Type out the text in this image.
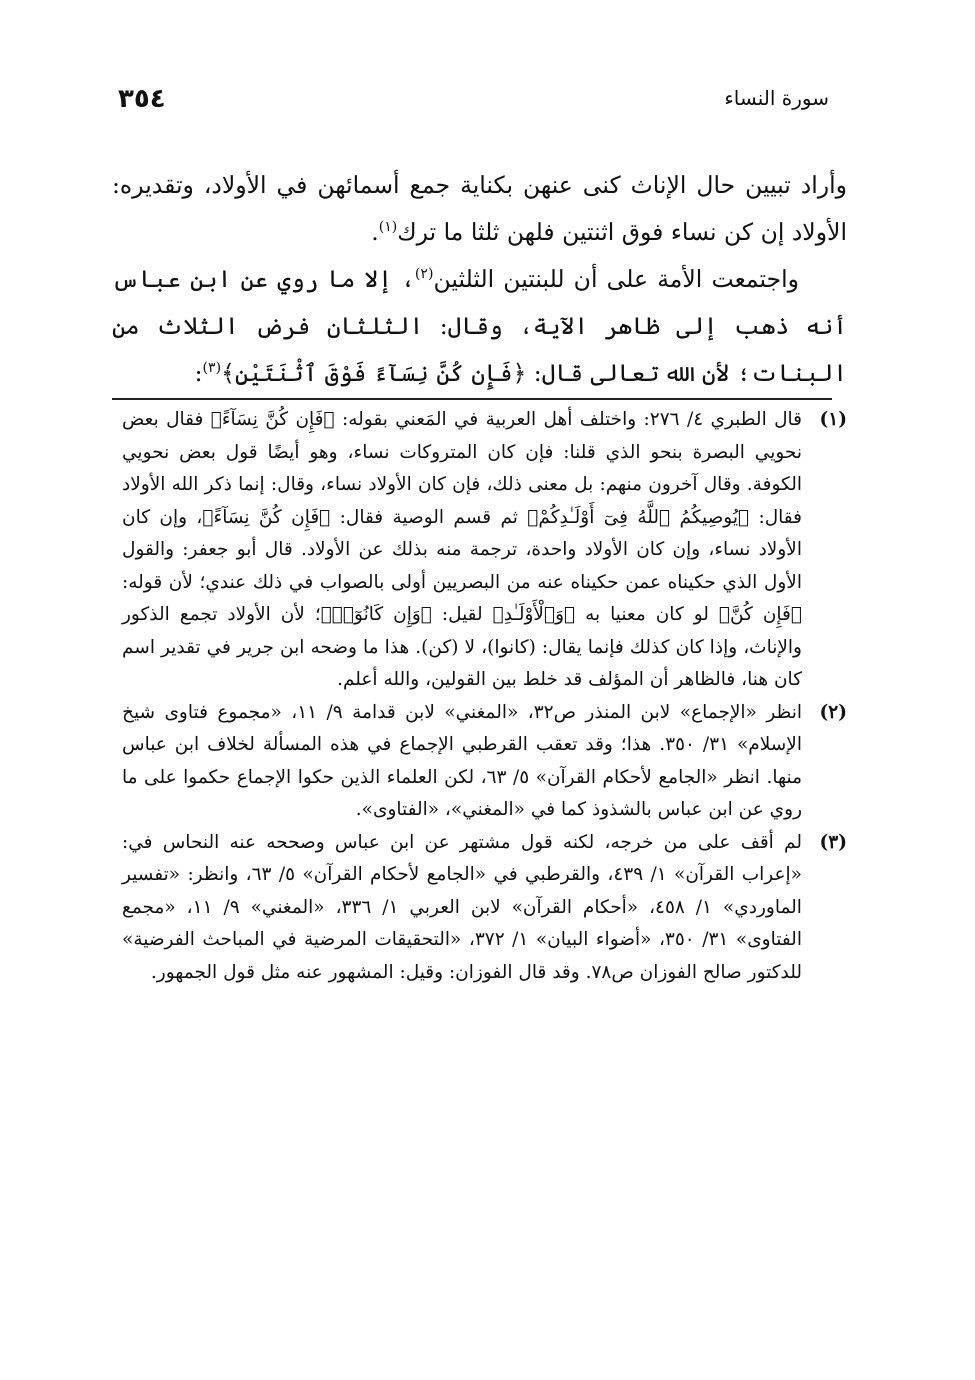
٣٥٤	سورة النساء

وأراد تبيين حال الإناث كنى عنهن بكناية جمع أسمائهن في الأولاد، وتقديره: الأولاد إن كن نساء فوق اثنتين فلهن ثلثا ما ترك$^{(١)}$.

واجتمعت الأمة على أن للبنتين الثلثين$^{(٢)}$، إلا ما روي عن ابن عباس أنه ذهب إلى ظاهر الآية، وقال: الثلثان فرض الثلاث من البنات؛ لأن الله تعالى قال: ﴿فَإِن كُنَّ نِسَآءً فَوْقَ ٱثْنَتَيْنِ﴾$^{(٣)}$:

(١)
قال الطبري ٤/ ٢٧٦: واختلف أهل العربية في المَعني بقوله: ﴿فَإِن كُنَّ نِسَآءً﴾ فقال بعض نحويي البصرة بنحو الذي قلنا: فإن كان المتروكات نساء، وهو أيضًا قول بعض نحويي الكوفة. وقال آخرون منهم: بل معنى ذلك، فإن كان الأولاد نساء، وقال: إنما ذكر الله الأولاد فقال: ﴿يُوصِيكُمُ ٱللَّهُ فِىٓ أَوْلَـٰدِكُمْ﴾ ثم قسم الوصية فقال: ﴿فَإِن كُنَّ نِسَآءً﴾، وإن كان الأولاد نساء، وإن كان الأولاد واحدة، ترجمة منه بذلك عن الأولاد. قال أبو جعفر: والقول الأول الذي حكيناه عمن حكيناه عنه من البصريين أولى بالصواب في ذلك عندي؛ لأن قوله: ﴿فَإِن كُنَّ﴾ لو كان معنيا به ﴿وَٱلْأَوْلَـٰدِ﴾ لقيل: ﴿وَإِن كَانُوٓا۟﴾؛ لأن الأولاد تجمع الذكور والإناث، وإذا كان كذلك فإنما يقال: (كانوا)، لا (كن). هذا ما وضحه ابن جرير في تقدير اسم كان هنا، فالظاهر أن المؤلف قد خلط بين القولين، والله أعلم.
(٢)
انظر «الإجماع» لابن المنذر ص٣٢، «المغني» لابن قدامة ٩/ ١١، «مجموع فتاوى شيخ الإسلام» ٣١/ ٣٥٠. هذا؛ وقد تعقب القرطبي الإجماع في هذه المسألة لخلاف ابن عباس منها. انظر «الجامع لأحكام القرآن» ٥/ ٦٣، لكن العلماء الذين حكوا الإجماع حكموا على ما روي عن ابن عباس بالشذوذ كما في «المغني»، «الفتاوى».
(٣)
لم أقف على من خرجه، لكنه قول مشتهر عن ابن عباس وصححه عنه النحاس في: «إعراب القرآن» ١/ ٤٣٩، والقرطبي في «الجامع لأحكام القرآن» ٥/ ٦٣، وانظر: «تفسير الماوردي» ١/ ٤٥٨، «أحكام القرآن» لابن العربي ١/ ٣٣٦، «المغني» ٩/ ١١، «مجمع الفتاوى» ٣١/ ٣٥٠، «أضواء البيان» ١/ ٣٧٢، «التحقيقات المرضية في المباحث الفرضية» للدكتور صالح الفوزان ص٧٨. وقد قال الفوزان: وقيل: المشهور عنه مثل قول الجمهور.
